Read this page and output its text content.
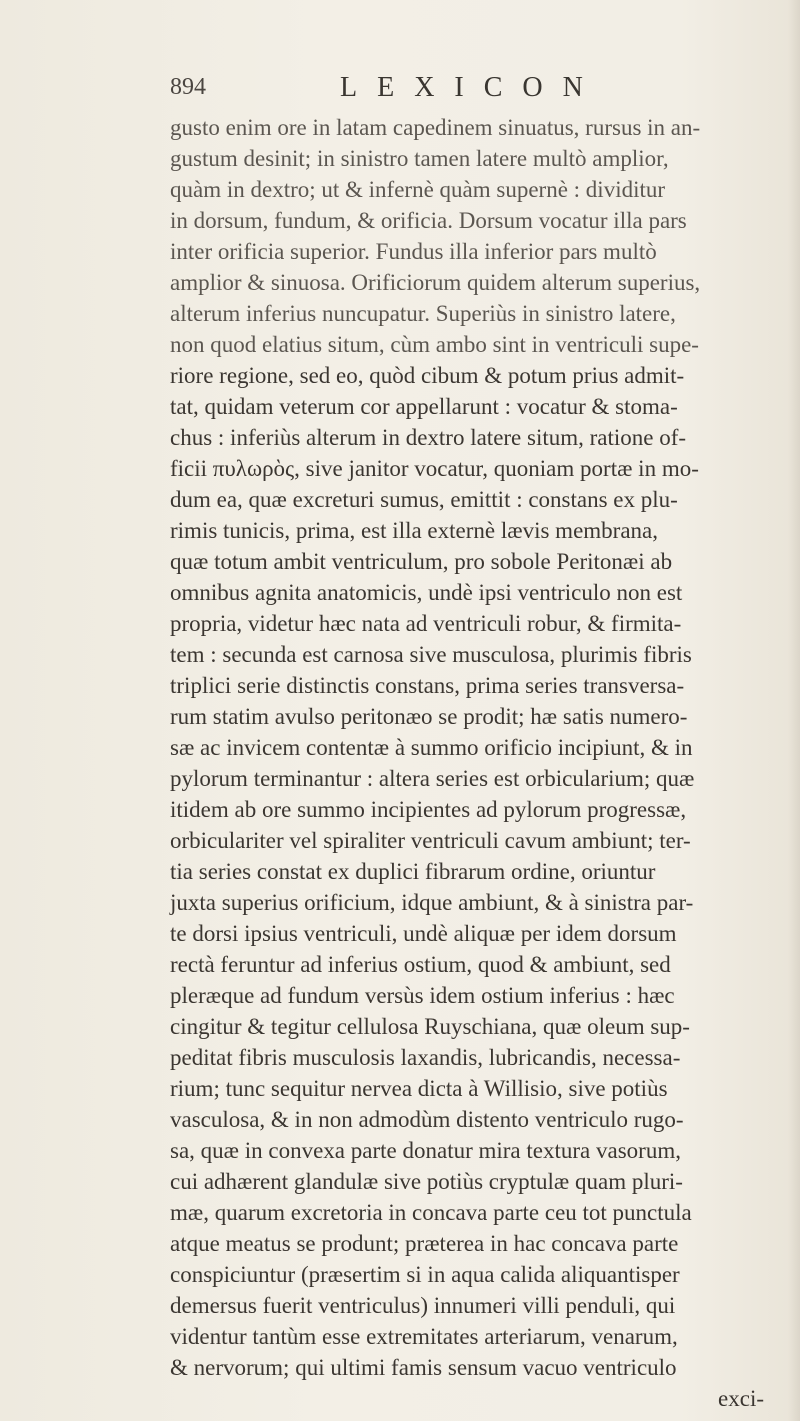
894	LEXICON
gusto enim ore in latam capedinem sinuatus, rursus in an-
gustum desinit; in sinistro tamen latere multò amplior,
quàm in dextro; ut & infernè quàm supernè : dividitur
in dorsum, fundum, & orificia. Dorsum vocatur illa pars
inter orificia superior. Fundus illa inferior pars multò
amplior & sinuosa. Orificiorum quidem alterum superius,
alterum inferius nuncupatur. Superiùs in sinistro latere,
non quod elatius situm, cùm ambo sint in ventriculi supe-
riore regione, sed eo, quòd cibum & potum prius admit-
tat, quidam veterum cor appellarunt : vocatur & stoma-
chus : inferiùs alterum in dextro latere situm, ratione of-
ficii πυλωρὸς, sive janitor vocatur, quoniam portæ in mo-
dum ea, quæ excreturi sumus, emittit : constans ex plu-
rimis tunicis, prima, est illa externè lævis membrana,
quæ totum ambit ventriculum, pro sobole Peritonæi ab
omnibus agnita anatomicis, undè ipsi ventriculo non est
propria, videtur hæc nata ad ventriculi robur, & firmita-
tem : secunda est carnosa sive musculosa, plurimis fibris
triplici serie distinctis constans, prima series transversa-
rum statim avulso peritonæo se prodit; hæ satis numero-
sæ ac invicem contentæ à summo orificio incipiunt, & in
pylorum terminantur : altera series est orbicularium; quæ
itidem ab ore summo incipientes ad pylorum progressæ,
orbiculariter vel spiraliter ventriculi cavum ambiunt; ter-
tia series constat ex duplici fibrarum ordine, oriuntur
juxta superius orificium, idque ambiunt, & à sinistra par-
te dorsi ipsius ventriculi, undè aliquæ per idem dorsum
rectà feruntur ad inferius ostium, quod & ambiunt, sed
pleræque ad fundum versùs idem ostium inferius : hæc
cingitur & tegitur cellulosa Ruyschiana, quæ oleum sup-
peditat fibris musculosis laxandis, lubricandis, necessa-
rium; tunc sequitur nervea dicta à Willisio, sive potiùs
vasculosa, & in non admodùm distento ventriculo rugo-
sa, quæ in convexa parte donatur mira textura vasorum,
cui adhærent glandulæ sive potiùs cryptulæ quam pluri-
mæ, quarum excretoria in concava parte ceu tot punctula
atque meatus se produnt; præterea in hac concava parte
conspiciuntur (præsertim si in aqua calida aliquantisper
demersus fuerit ventriculus) innumeri villi penduli, qui
videntur tantùm esse extremitates arteriarum, venarum,
& nervorum; qui ultimi famis sensum vacuo ventriculo
exci-
